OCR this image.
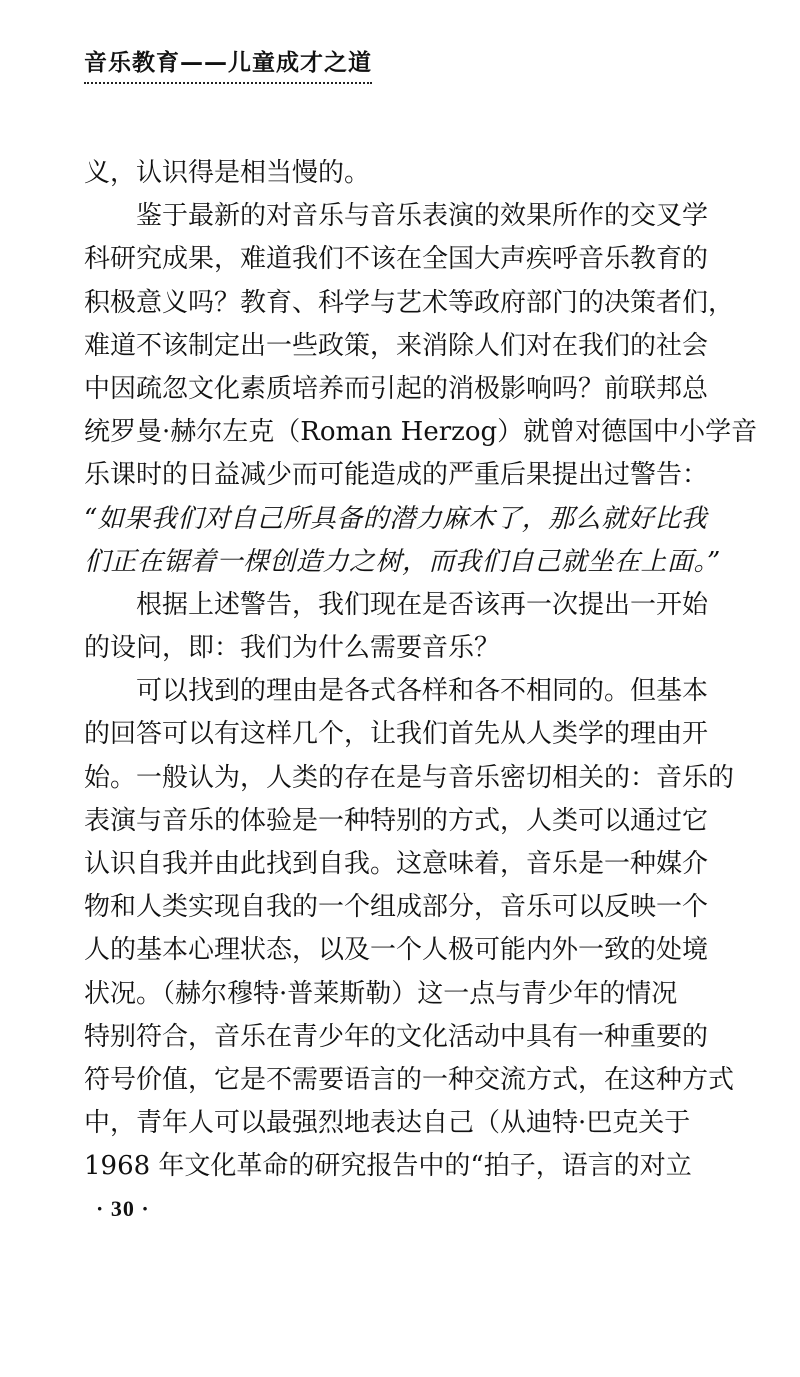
音乐教育——儿童成才之道
义，认识得是相当慢的。
鉴于最新的对音乐与音乐表演的效果所作的交叉学
科研究成果，难道我们不该在全国大声疾呼音乐教育的
积极意义吗？教育、科学与艺术等政府部门的决策者们，
难道不该制定出一些政策，来消除人们对在我们的社会
中因疏忽文化素质培养而引起的消极影响吗？前联邦总
统罗曼·赫尔左克（Roman Herzog）就曾对德国中小学音
乐课时的日益减少而可能造成的严重后果提出过警告：
“如果我们对自己所具备的潜力麻木了，那么就好比我
们正在锯着一棵创造力之树，而我们自己就坐在上面。”
根据上述警告，我们现在是否该再一次提出一开始
的设问，即：我们为什么需要音乐？
可以找到的理由是各式各样和各不相同的。但基本
的回答可以有这样几个，让我们首先从人类学的理由开
始。一般认为，人类的存在是与音乐密切相关的：音乐的
表演与音乐的体验是一种特别的方式，人类可以通过它
认识自我并由此找到自我。这意味着，音乐是一种媒介
物和人类实现自我的一个组成部分，音乐可以反映一个
人的基本心理状态，以及一个人极可能内外一致的处境
状况。（赫尔穆特·普莱斯勒）这一点与青少年的情况
特别符合，音乐在青少年的文化活动中具有一种重要的
符号价值，它是不需要语言的一种交流方式，在这种方式
中，青年人可以最强烈地表达自己（从迪特·巴克关于
1968 年文化革命的研究报告中的“拍子，语言的对立
· 30 ·
